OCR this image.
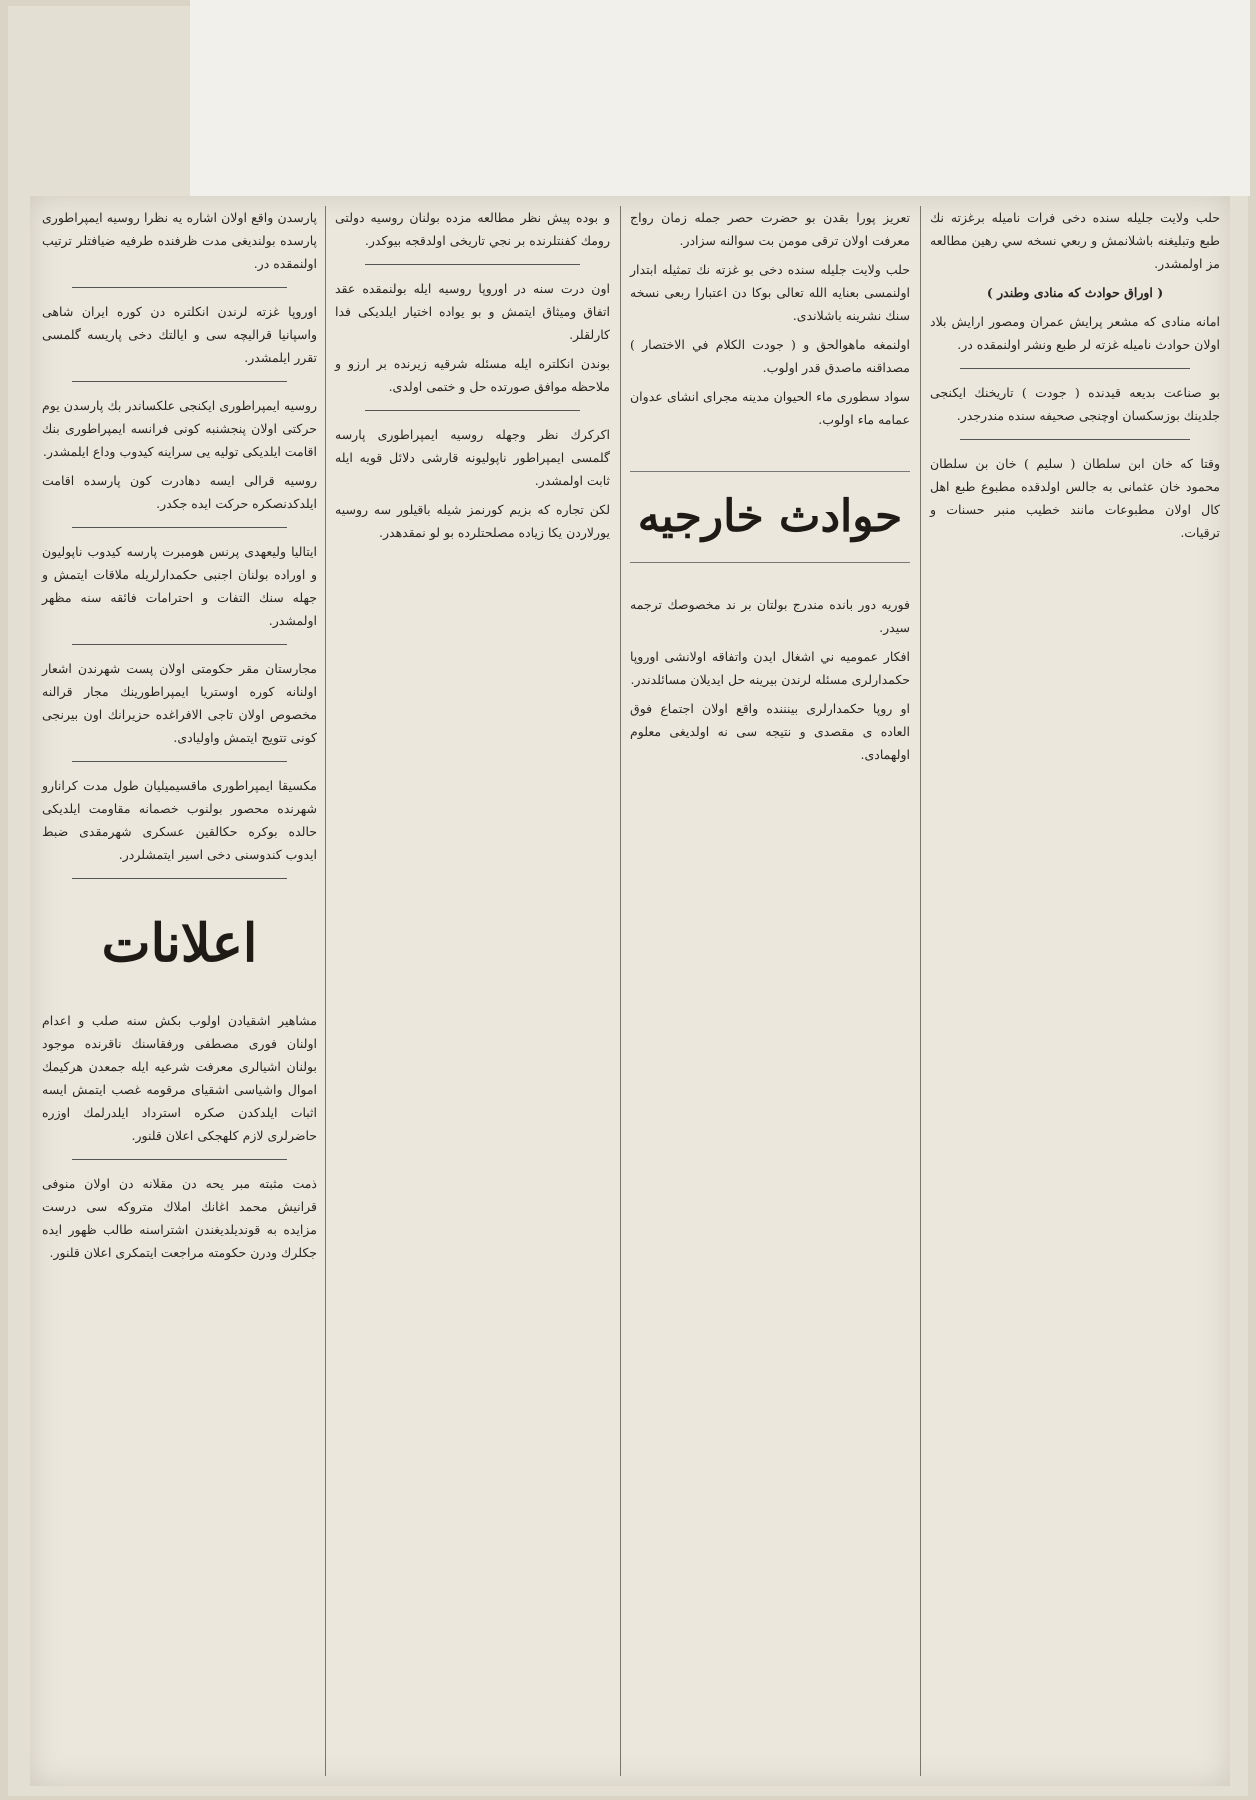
حلب ولايت جليله سنده دخی فرات نامیله برغزته نك طبع وتبليغنه باشلانمش و ربعي نسخه سي رهين مطالعه مز اولمشدر.

( اوراق حوادث كه منادی وطندر )

امانه منادی كه مشعر پرايش عمران ومصور ارايش بلاد اولان حوادث نامیله غزته لر طبع ونشر اولنمقده در.

بو صناعت بدیعه قیدنده ( جودت ) تاریخنك ایكنجی جلدينك بوزسكسان اوچنجی صحیفه سنده مندرجدر.

وقتا كه خان ابن سلطان ( سلیم ) خان بن سلطان محمود خان عثمانی به جالس اولدقده مطبوع طبع اهل كال اولان مطبوعات مانند خطیب منبر حسنات و ترقیات.

تعریز پورا بقدن بو حضرت حصر جمله زمان رواج معرفت اولان ترقی مومن بت سوالنه سزادر.

حلب ولايت جليله سنده دخی بو غزته نك تمثیله ابتدار اولنمسی بعنايه الله تعالی بوكا دن اعتبارا ربعی نسخه سنك نشرینه باشلاندی.

اولنمغه ماهوالحق و ( جودت الكلام في الاختصار ) مصداقنه ماصدق قدر اولوب.

سواد سطوری ماء الحیوان مدینه مجرای انشای عدوان عمامه ماء اولوب.

حوادث خارجيه

فوريه دور بانده مندرج بولتان بر ند مخصوصك ترجمه سيدر.

افكار عموميه ني اشغال ايدن واتفاقه اولانشی اوروپا حكمدارلری مسئله لرندن بیرینه حل ایدیلان مسائلدندر.

او روپا حكمدارلری بینننده واقع اولان اجتماع فوق العاده ی مقصدی و نتیجه سی نه اولدیغی معلوم اولهمادی.

و بوده پیش نظر مطالعه مزده بولنان روسیه دولتی رومك كفنتلرنده بر نجي تاریخی اولدقجه بیوکدر.

اون درت سنه در اوروپا روسیه ایله بولنمقده عقد اتفاق ومیثاق ایتمش و بو یواده اختیار ایلدیکی فدا کارلقلر.

بوندن انكلتره ایله مسئله شرقیه زیرنده بر ارزو و ملاحظه موافق صورتده حل و ختمی اولدی.

اكركرك نظر وجهله روسیه ایمپراطوری پارسه گلمسی ایمپراطور ناپولیونه قارشی دلائل قویه ایله ثابت اولمشدر.

لكن تجاره كه بزیم كورنمز شیله باقیلور سه روسیه یورلاردن یکا زیاده مصلحتلرده بو لو نمقدهدر.

پارسدن واقع اولان اشاره یه نظرا روسیه ایمپراطوری پارسده بولندیغی مدت ظرفنده طرفیه ضیافتلر ترتیب اولنمقده در.

اوروپا غزته لرندن انكلتره دن كوره ایران شاهی واسپانیا قرالیچه سی و ایالتك دخی پاریسه گلمسی تقرر ایلمشدر.

روسیه ایمپراطوری ایکنجی علکساندر بك پارسدن یوم حركتی اولان پنجشنبه كونی فرانسه ایمپراطوری بنك اقامت ایلدیکی تولیه یی سراینه كیدوب وداع ایلمشدر.

روسیه قرالی ایسه دهادرت كون پارسده اقامت ایلدکدنصكره حركت ایده جكدر.

ایتالیا ولیعهدی پرنس هومبرت پارسه كیدوب ناپولیون و اوراده بولنان اجنبی حکمدارلریله ملاقات ایتمش و جهله سنك التفات و احترامات فائقه سنه مظهر اولمشدر.

مجارستان مقر حكومتی اولان پست شهرندن اشعار اولنانه كوره اوستریا ایمپراطورینك مجار قرالنه مخصوص اولان تاجی الافراغده حزیرانك اون بیرنجی كونی تتویج ایتمش واولیادی.

مکسیقا ایمپراطوری ماقسیمیلیان طول مدت كرانارو شهرنده محصور بولنوب خصمانه مقاومت ایلدیکی حالده بوكره حكالقین عسكری شهرمقدی ضبط ایدوب كندوسنی دخی اسیر ایتمشلردر.

اعلانات

مشاهیر اشقیادن اولوب بکش سنه صلب و اعدام اولنان فوری مصطفی ورفقاسنك ناقرنده موجود بولنان اشیالری معرفت شرعیه ایله جمعدن هركیمك اموال واشیاسی اشقیای مرقومه غصب ایتمش ایسه اثبات ایلدکدن صكره استرداد ایلدرلمك اوزره حاضرلری لازم كلهجكی اعلان قلنور.

ذمت مثبته مبر یحه دن مقلانه دن اولان منوفی قرانیش محمد اغانك املاك متروكه سی درست مزایده به قوندیلدیغندن اشتراسنه طالب ظهور ایده جكلرك ودرن حكومته مراجعت ایتمکری اعلان قلنور.
